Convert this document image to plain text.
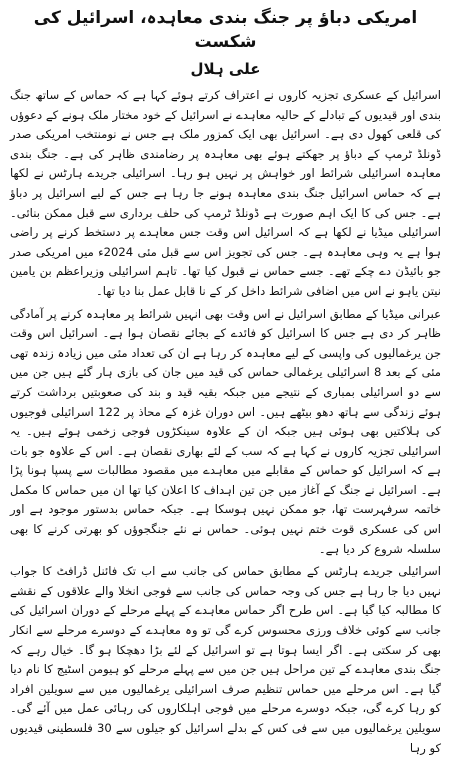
امریکی دباؤ پر جنگ بندی معاہدہ، اسرائیل کی شکست
علی ہلال

اسرائیل کے عسکری تجزیہ کاروں نے اعتراف کرتے ہوئے کہا ہے کہ حماس کے ساتھ جنگ بندی اور قیدیوں کے تبادلے کے حالیہ معاہدے نے اسرائیل کے خود مختار ملک ہونے کے دعوؤں کی قلعی کھول دی ہے۔ اسرائیل بھی ایک کمزور ملک ہے جس نے نومنتخب امریکی صدر ڈونلڈ ٹرمپ کے دباؤ پر جھکتے ہوئے بھی معاہدہ پر رضامندی ظاہر کی ہے۔ جنگ بندی معاہدہ اسرائیلی شرائط اور خواہش پر نہیں ہو رہا۔ اسرائیلی جریدے ہارٹس نے لکھا ہے کہ حماس اسرائیل جنگ بندی معاہدہ ہونے جا رہا ہے جس کے لیے اسرائیل پر دباؤ ہے۔ جس کی کا ایک اہم صورت ہے ڈونلڈ ٹرمپ کی حلف برداری سے قبل ممکن بنائی۔ اسرائیلی میڈیا نے لکھا ہے کہ اسرائیل اس وقت جس معاہدے پر دستخط کرنے پر راضی ہوا ہے یہ وہی معاہدہ ہے۔ جس کی تجویز اس سے قبل مئی 2024ء میں امریکی صدر جو بائیڈن دے چکے تھے۔ جسے حماس نے قبول کیا تھا۔ تاہم اسرائیلی وزیراعظم بن یامین نیتن یاہو نے اس میں اضافی شرائط داخل کر کے نا قابل عمل بنا دیا تھا۔

عبرانی میڈیا کے مطابق اسرائیل نے اس وقت بھی انہیں شرائط پر معاہدہ کرنے پر آمادگی ظاہر کر دی ہے جس کا اسرائیل کو فائدے کے بجائے نقصان ہوا ہے۔ اسرائیل اس وقت جن یرغمالیوں کی واپسی کے لیے معاہدہ کر رہا ہے ان کی تعداد مئی میں زیادہ زندہ تھی مئی کے بعد 8 اسرائیلی یرغمالی حماس کی قید میں جان کی بازی ہار گئے ہیں جن میں سے دو اسرائیلی بمباری کے نتیجے میں جبکہ بقیہ قید و بند کی صعوبتیں برداشت کرتے ہوئے زندگی سے ہاتھ دھو بیٹھے ہیں۔ اس دوران غزہ کے محاذ پر 122 اسرائیلی فوجیوں کی ہلاکتیں بھی ہوئی ہیں جبکہ ان کے علاوہ سینکڑوں فوجی زخمی ہوئے ہیں۔ یہ اسرائیلی تجزیہ کاروں نے کہا ہے کہ سب کے لئے بھاری نقصان ہے۔ اس کے علاوہ جو بات ہے کہ اسرائیل کو حماس کے مقابلے میں معاہدے میں مقصود مطالبات سے پسپا ہونا پڑا ہے۔ اسرائیل نے جنگ کے آغاز میں جن تین اہداف کا اعلان کیا تھا ان میں حماس کا مکمل خاتمہ سرفہرست تھا، جو ممکن نہیں ہوسکا ہے۔ جبکہ حماس بدستور موجود ہے اور اس کی عسکری قوت ختم نہیں ہوئی۔ حماس نے نئے جنگجوؤں کو بھرتی کرنے کا بھی سلسلہ شروع کر دیا ہے۔

اسرائیلی جریدے ہارٹس کے مطابق حماس کی جانب سے اب تک فائنل ڈرافٹ کا جواب نہیں دیا جا رہا ہے جس کی وجہ حماس کی جانب سے فوجی انخلا والے علاقوں کے نقشے کا مطالبہ کیا گیا ہے۔ اس طرح اگر حماس معاہدے کے پہلے مرحلے کے دوران اسرائیل کی جانب سے کوئی خلاف ورزی محسوس کرے گی تو وہ معاہدے کے دوسرے مرحلے سے انکار بھی کر سکتی ہے۔ اگر ایسا ہوتا ہے تو اسرائیل کے لئے بڑا دھچکا ہو گا۔ خیال رہے کہ جنگ بندی معاہدے کے تین مراحل ہیں جن میں سے پہلے مرحلے کو ہیومن اسٹیج کا نام دیا گیا ہے۔ اس مرحلے میں حماس تنظیم صرف اسرائیلی یرغمالیوں میں سے سویلین افراد کو رہا کرے گی، جبکہ دوسرے مرحلے میں فوجی اہلکاروں کی رہائی عمل میں آئے گی۔ سویلین یرغمالیوں میں سے فی کس کے بدلے اسرائیل کو جیلوں سے 30 فلسطینی قیدیوں کو رہا
